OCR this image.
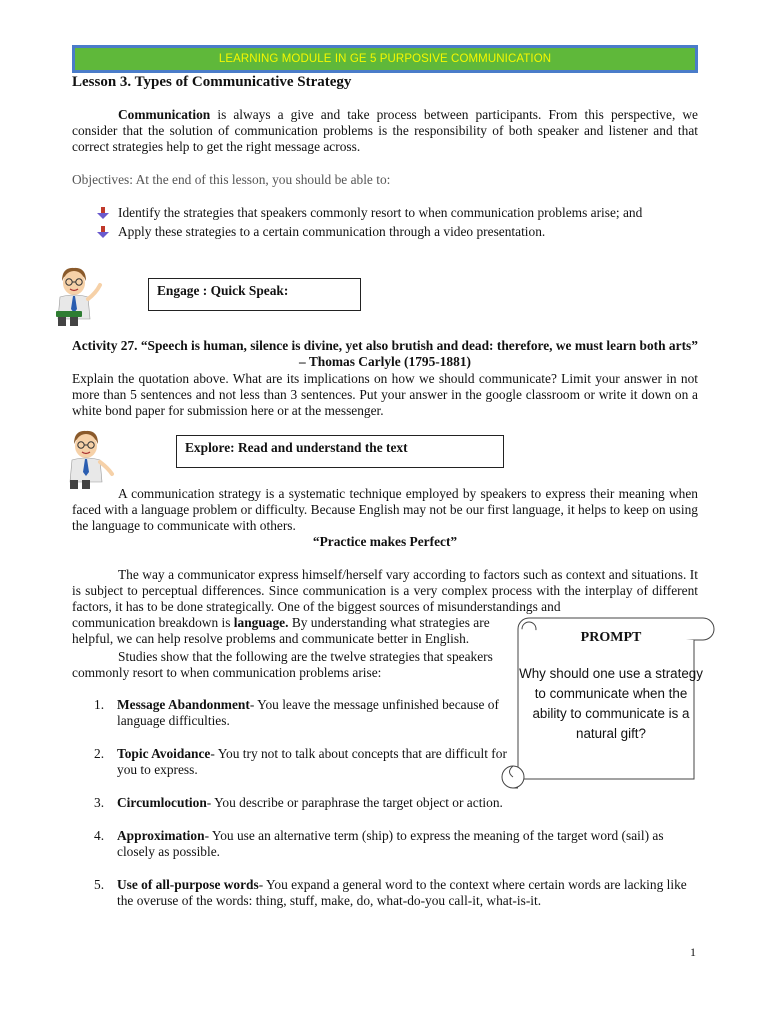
LEARNING MODULE IN GE 5 PURPOSIVE COMMUNICATION
Lesson 3. Types of Communicative Strategy
Communication is always a give and take process between participants. From this perspective, we consider that the solution of communication problems is the responsibility of both speaker and listener and that correct strategies help to get the right message across.
Objectives: At the end of this lesson, you should be able to:
Identify the strategies that speakers commonly resort to when communication problems arise; and
Apply these strategies to a certain communication through a video presentation.
Engage : Quick Speak:
Activity 27. “Speech is human, silence is divine, yet also brutish and dead: therefore, we must learn both arts” – Thomas Carlyle (1795-1881)
Explain the quotation above. What are its implications on how we should communicate? Limit your answer in not more than 5 sentences and not less than 3 sentences. Put your answer in the google classroom or write it down on a white bond paper for submission here or at the messenger.
Explore: Read and understand the text
A communication strategy is a systematic technique employed by speakers to express their meaning when faced with a language problem or difficulty. Because English may not be our first language, it helps to keep on using the language to communicate with others.
“Practice makes Perfect”
The way a communicator express himself/herself vary according to factors such as context and situations. It is subject to perceptual differences. Since communication is a very complex process with the interplay of different factors, it has to be done strategically. One of the biggest sources of misunderstandings and
communication breakdown is language. By understanding what strategies are
helpful, we can help resolve problems and communicate better in English.
Studies show that the following are the twelve strategies that speakers
commonly resort to when communication problems arise:
1. Message Abandonment- You leave the message unfinished because of language difficulties.
2. Topic Avoidance- You try not to talk about concepts that are difficult for you to express.
3. Circumlocution- You describe or paraphrase the target object or action.
4. Approximation- You use an alternative term (ship) to express the meaning of the target word (sail) as closely as possible.
5. Use of all-purpose words- You expand a general word to the context where certain words are lacking like the overuse of the words: thing, stuff, make, do, what-do-you call-it, what-is-it.
PROMPT
Why should one use a strategy to communicate when the ability to communicate is a natural gift?
1
